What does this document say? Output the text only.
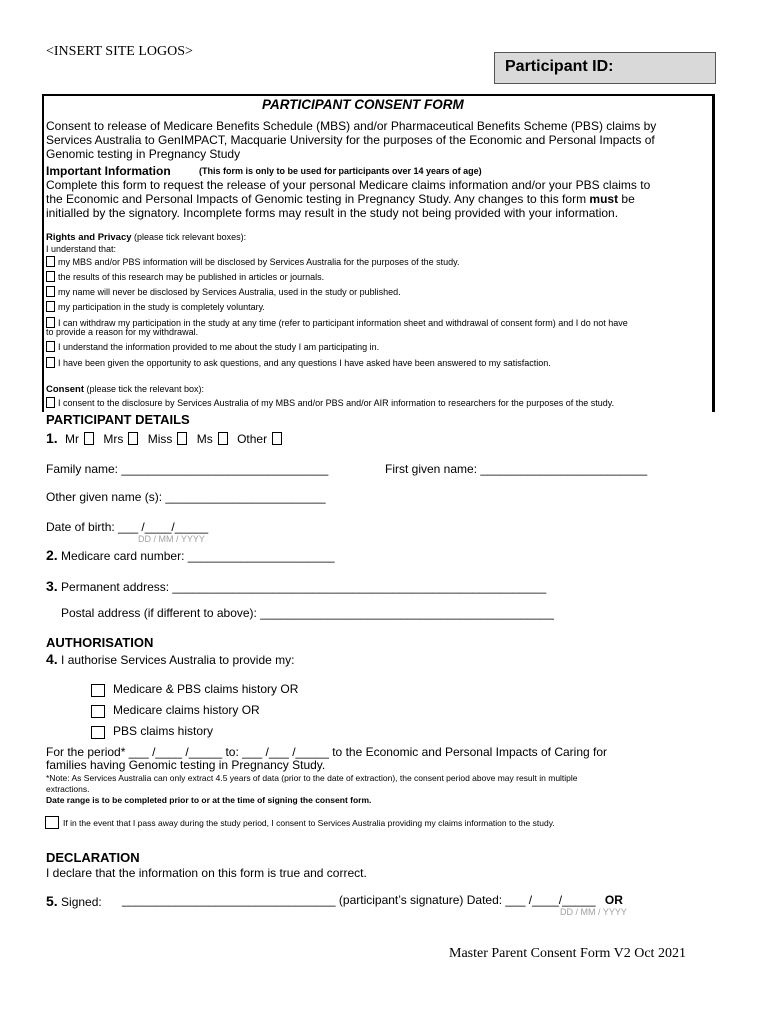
<INSERT SITE LOGOS>
Participant ID:
PARTICIPANT CONSENT FORM
Consent to release of Medicare Benefits Schedule (MBS) and/or Pharmaceutical Benefits Scheme (PBS) claims by
Services Australia to GenIMPACT, Macquarie University for the purposes of the Economic and Personal Impacts of
Genomic testing in Pregnancy Study
Important Information	(This form is only to be used for participants over 14 years of age)
Complete this form to request the release of your personal Medicare claims information and/or your PBS claims to
the Economic and Personal Impacts of Genomic testing in Pregnancy Study. Any changes to this form must be
initialled by the signatory. Incomplete forms may result in the study not being provided with your information.
Rights and Privacy (please tick relevant boxes):
I understand that:
my MBS and/or PBS information will be disclosed by Services Australia for the purposes of the study.
the results of this research may be published in articles or journals.
my name will never be disclosed by Services Australia, used in the study or published.
my participation in the study is completely voluntary.
I can withdraw my participation in the study at any time (refer to participant information sheet and withdrawal of consent form) and I do not have
to provide a reason for my withdrawal.
I understand the information provided to me about the study I am participating in.
I have been given the opportunity to ask questions, and any questions I have asked have been answered to my satisfaction.
Consent (please tick the relevant box):
I consent to the disclosure by Services Australia of my MBS and/or PBS and/or AIR information to researchers for the purposes of the study.
PARTICIPANT DETAILS
1. Mr Mrs Miss Ms Other
Family name: _______________________________	First given name: _________________________
Other given name (s): ________________________
Date of birth: ___ /____/_____
DD / MM / YYYY
2. Medicare card number: ______________________
3. Permanent address: ________________________________________________________
Postal address (if different to above): ____________________________________________
AUTHORISATION
4. I authorise Services Australia to provide my:
Medicare & PBS claims history OR
Medicare claims history OR
PBS claims history
For the period* ___ /____ /_____ to: ___ /___ /_____ to the Economic and Personal Impacts of Caring for
families having Genomic testing in Pregnancy Study.
*Note: As Services Australia can only extract 4.5 years of data (prior to the date of extraction), the consent period above may result in multiple
extractions.
Date range is to be completed prior to or at the time of signing the consent form.
If in the event that I pass away during the study period, I consent to Services Australia providing my claims information to the study.
DECLARATION
I declare that the information on this form is true and correct.
5. Signed: ________________________________ (participant’s signature) Dated: ___ /____/_____ OR
DD / MM / YYYY
Master Parent Consent Form V2 Oct 2021
